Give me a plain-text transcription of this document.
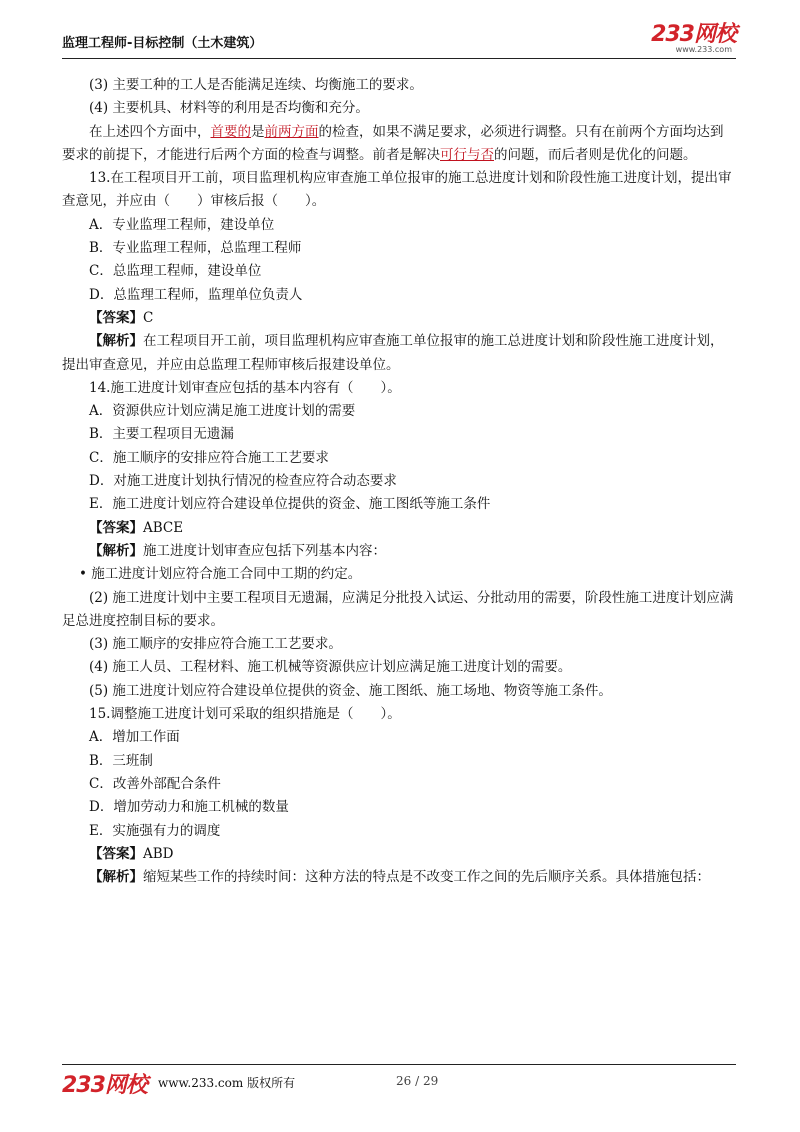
监理工程师-目标控制（土木建筑）	233网校
www.233.com

(3) 主要工种的工人是否能满足连续、均衡施工的要求。

(4) 主要机具、材料等的利用是否均衡和充分。

在上述四个方面中，首要的是前两方面的检查，如果不满足要求，必须进行调整。只有在前两个方面均达到要求的前提下，才能进行后两个方面的检查与调整。前者是解决可行与否的问题，而后者则是优化的问题。

13.在工程项目开工前，项目监理机构应审查施工单位报审的施工总进度计划和阶段性施工进度计划，提出审查意见，并应由（　　）审核后报（　　）。

A．专业监理工程师，建设单位

B．专业监理工程师，总监理工程师

C．总监理工程师，建设单位

D．总监理工程师，监理单位负责人

【答案】C

【解析】在工程项目开工前，项目监理机构应审查施工单位报审的施工总进度计划和阶段性施工进度计划，提出审查意见，并应由总监理工程师审核后报建设单位。

14.施工进度计划审查应包括的基本内容有（　　）。

A．资源供应计划应满足施工进度计划的需要

B．主要工程项目无遗漏

C．施工顺序的安排应符合施工工艺要求

D．对施工进度计划执行情况的检查应符合动态要求

E．施工进度计划应符合建设单位提供的资金、施工图纸等施工条件

【答案】ABCE

【解析】施工进度计划审查应包括下列基本内容：

• 施工进度计划应符合施工合同中工期的约定。

(2) 施工进度计划中主要工程项目无遗漏，应满足分批投入试运、分批动用的需要，阶段性施工进度计划应满足总进度控制目标的要求。

(3) 施工顺序的安排应符合施工工艺要求。

(4) 施工人员、工程材料、施工机械等资源供应计划应满足施工进度计划的需要。

(5) 施工进度计划应符合建设单位提供的资金、施工图纸、施工场地、物资等施工条件。

15.调整施工进度计划可采取的组织措施是（　　）。

A．增加工作面

B．三班制

C．改善外部配合条件

D．增加劳动力和施工机械的数量

E．实施强有力的调度

【答案】ABD

【解析】缩短某些工作的持续时间：这种方法的特点是不改变工作之间的先后顺序关系。具体措施包括：

233网校 www.233.com 版权所有	26 / 29
